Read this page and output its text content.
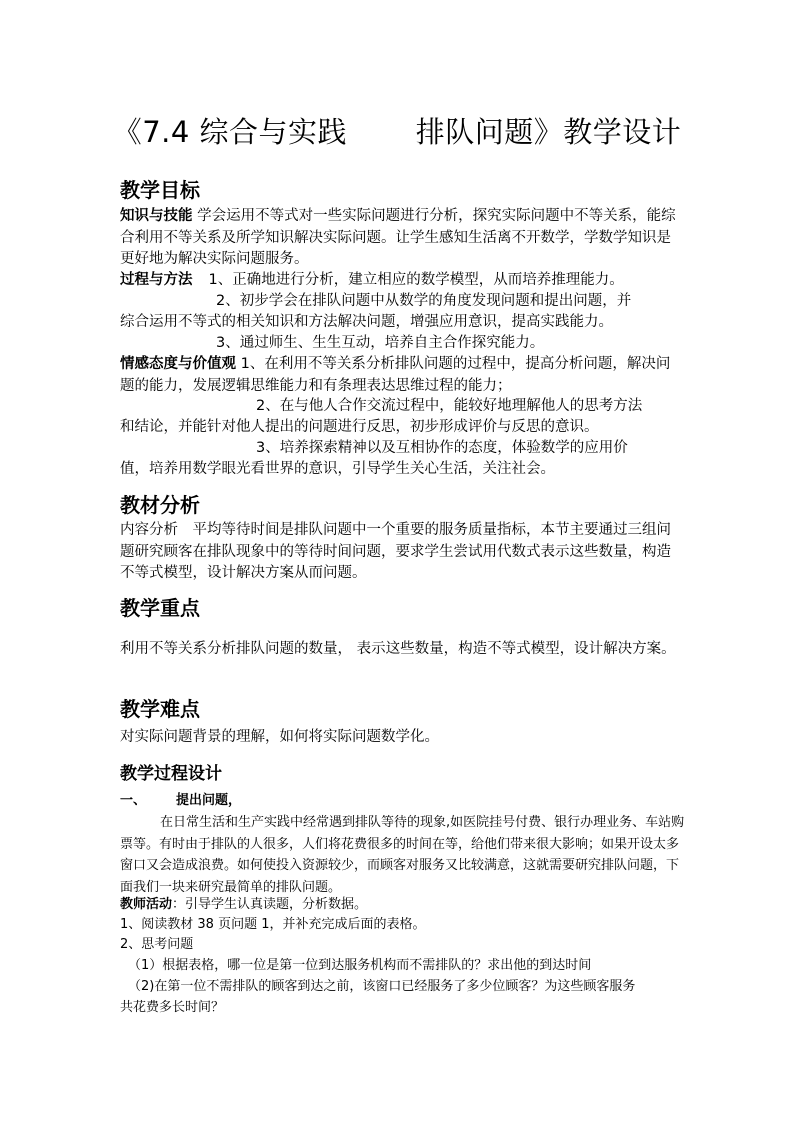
《7.4 综合与实践　　 排队问题》教学设计
教学目标
知识与技能 学会运用不等式对一些实际问题进行分析，探究实际问题中不等关系，能综合利用不等关系及所学知识解决实际问题。让学生感知生活离不开数学，学数学知识是更好地为解决实际问题服务。
过程与方法 1、正确地进行分析，建立相应的数学模型，从而培养推理能力。
2、初步学会在排队问题中从数学的角度发现问题和提出问题，并
综合运用不等式的相关知识和方法解决问题，增强应用意识，提高实践能力。
3、通过师生、生生互动，培养自主合作探究能力。
情感态度与价值观 1、在利用不等关系分析排队问题的过程中，提高分析问题，解决问题的能力，发展逻辑思维能力和有条理表达思维过程的能力；
2、在与他人合作交流过程中，能较好地理解他人的思考方法
和结论，并能针对他人提出的问题进行反思，初步形成评价与反思的意识。
3、培养探索精神以及互相协作的态度，体验数学的应用价
值，培养用数学眼光看世界的意识，引导学生关心生活，关注社会。
教材分析
内容分析　平均等待时间是排队问题中一个重要的服务质量指标，本节主要通过三组问题研究顾客在排队现象中的等待时间问题，要求学生尝试用代数式表示这些数量，构造不等式模型，设计解决方案从而问题。
教学重点
利用不等关系分析排队问题的数量， 表示这些数量，构造不等式模型，设计解决方案。
教学难点
对实际问题背景的理解，如何将实际问题数学化。
教学过程设计
一、 提出问题，
在日常生活和生产实践中经常遇到排队等待的现象,如医院挂号付费、银行办理业务、车站购票等。有时由于排队的人很多，人们将花费很多的时间在等，给他们带来很大影响；如果开设太多窗口又会造成浪费。如何使投入资源较少，而顾客对服务又比较满意，这就需要研究排队问题，下面我们一块来研究最简单的排队问题。
教师活动：引导学生认真读题，分析数据。
1、阅读教材 38 页问题 1，并补充完成后面的表格。
2、思考问题
（1）根据表格，哪一位是第一位到达服务机构而不需排队的？求出他的到达时间
（2)在第一位不需排队的顾客到达之前，该窗口已经服务了多少位顾客？为这些顾客服务
共花费多长时间？
